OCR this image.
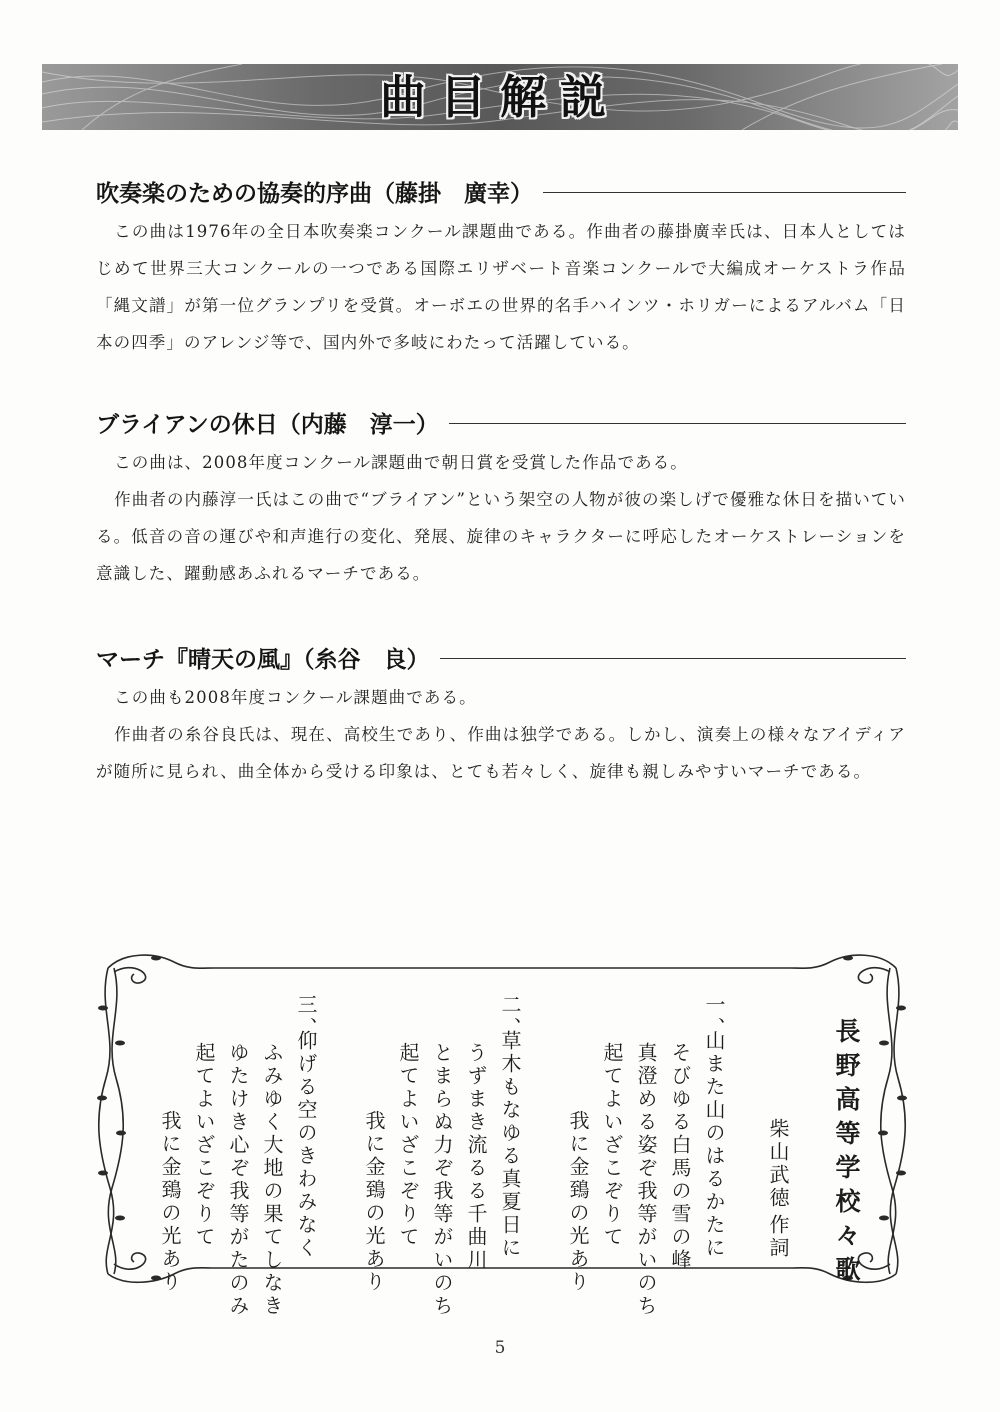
曲目解説
吹奏楽のための協奏的序曲（藤掛　廣幸）

この曲は1976年の全日本吹奏楽コンクール課題曲である。作曲者の藤掛廣幸氏は、日本人としてはじめて世界三大コンクールの一つである国際エリザベート音楽コンクールで大編成オーケストラ作品「縄文譜」が第一位グランプリを受賞。オーボエの世界的名手ハインツ・ホリガーによるアルバム「日本の四季」のアレンジ等で、国内外で多岐にわたって活躍している。

ブライアンの休日（内藤　淳一）

この曲は、2008年度コンクール課題曲で朝日賞を受賞した作品である。

作曲者の内藤淳一氏はこの曲で“ブライアン”という架空の人物が彼の楽しげで優雅な休日を描いている。低音の音の運びや和声進行の変化、発展、旋律のキャラクターに呼応したオーケストレーションを意識した、躍動感あふれるマーチである。

マーチ『晴天の風』（糸谷　良）

この曲も2008年度コンクール課題曲である。

作曲者の糸谷良氏は、現在、高校生であり、作曲は独学である。しかし、演奏上の様々なアイディアが随所に見られ、曲全体から受ける印象は、とても若々しく、旋律も親しみやすいマーチである。

長野高等学校々歌
柴山武徳
作詞
一、
山また山のはるかたに
そびゆる白馬の雪の峰
真澄める姿ぞ我等がいのち
起てよいざこぞりて
我に金鵄の光あり
二、
草木もなゆる真夏日に
うずまき流るる千曲川
とまらぬ力ぞ我等がいのち
起てよいざこぞりて
我に金鵄の光あり
三、
仰げる空のきわみなく
ふみゆく大地の果てしなき
ゆたけき心ぞ我等がたのみ
起てよいざこぞりて
我に金鵄の光あり
5
